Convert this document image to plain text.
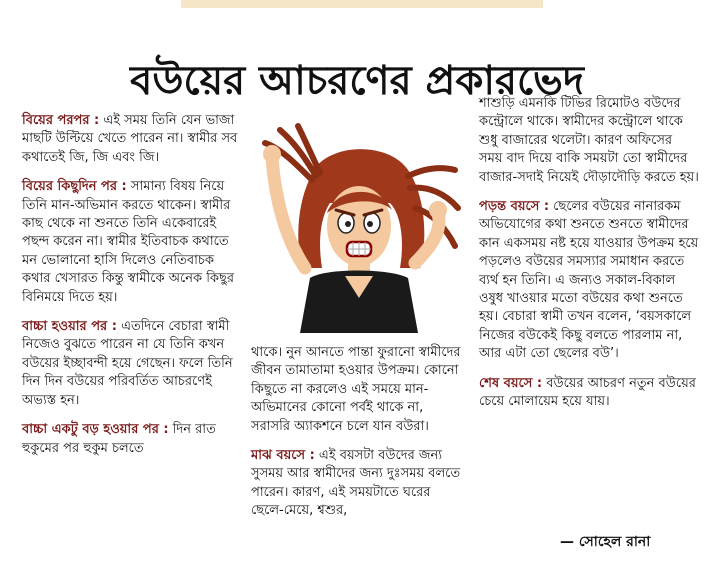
বউয়ের আচরণের প্রকারভেদ

বিয়ের পরপর : এই সময় তিনি যেন ভাজা মাছটি উল্টিয়ে খেতে পারেন না। স্বামীর সব কথাতেই জি, জি এবং জি।

বিয়ের কিছুদিন পর : সামান্য বিষয় নিয়ে তিনি মান-অভিমান করতে থাকেন। স্বামীর কাছ থেকে না শুনতে তিনি একেবারেই পছন্দ করেন না। স্বামীর ইতিবাচক কথাতে মন ভোলানো হাসি দিলেও নেতিবাচক কথার খেসারত কিন্তু স্বামীকে অনেক কিছুর বিনিময়ে দিতে হয়।

বাচ্চা হওয়ার পর : এতদিনে বেচারা স্বামী নিজেও বুঝতে পারেন না যে তিনি কখন বউয়ের ইচ্ছাবন্দী হয়ে গেছেন। ফলে তিনি দিন দিন বউয়ের পরিবর্তিত আচরণেই অভ্যস্ত হন।

বাচ্চা একটু বড় হওয়ার পর : দিন রাত হুকুমের পর হুকুম চলতে

থাকে। নুন আনতে পান্তা ফুরানো স্বামীদের জীবন তামাতামা হওয়ার উপক্রম। কোনো কিছুতে না করলেও এই সময়ে মান-অভিমানের কোনো পর্বই থাকে না, সরাসরি অ্যাকশনে চলে যান বউরা।

মাঝ বয়সে : এই বয়সটা বউদের জন্য সুসময় আর স্বামীদের জন্য দুঃসময় বলতে পারেন। কারণ, এই সময়টাতে ঘরের ছেলে-মেয়ে, শ্বশুর,

শাশুড়ি এমনকি টিভির রিমোটও বউদের কন্ট্রোলে থাকে। স্বামীদের কন্ট্রোলে থাকে শুধু বাজারের থলেটা। কারণ অফিসের সময় বাদ দিয়ে বাকি সময়টা তো স্বামীদের বাজার-সদাই নিয়েই দৌড়াদৌড়ি করতে হয়।

পড়ন্ত বয়সে : ছেলের বউয়ের নানারকম অভিযোগের কথা শুনতে শুনতে স্বামীদের কান একসময় নষ্ট হয়ে যাওয়ার উপক্রম হয়ে পড়লেও বউয়ের সমস্যার সমাধান করতে ব্যর্থ হন তিনি। এ জন্যও সকাল-বিকাল ওষুধ খাওয়ার মতো বউয়ের কথা শুনতে হয়। বেচারা স্বামী তখন বলেন, ‘বয়সকালে নিজের বউকেই কিছু বলতে পারলাম না, আর এটা তো ছেলের বউ’।

শেষ বয়সে : বউয়ের আচরণ নতুন বউয়ের চেয়ে মোলায়েম হয়ে যায়।

— সোহেল রানা
